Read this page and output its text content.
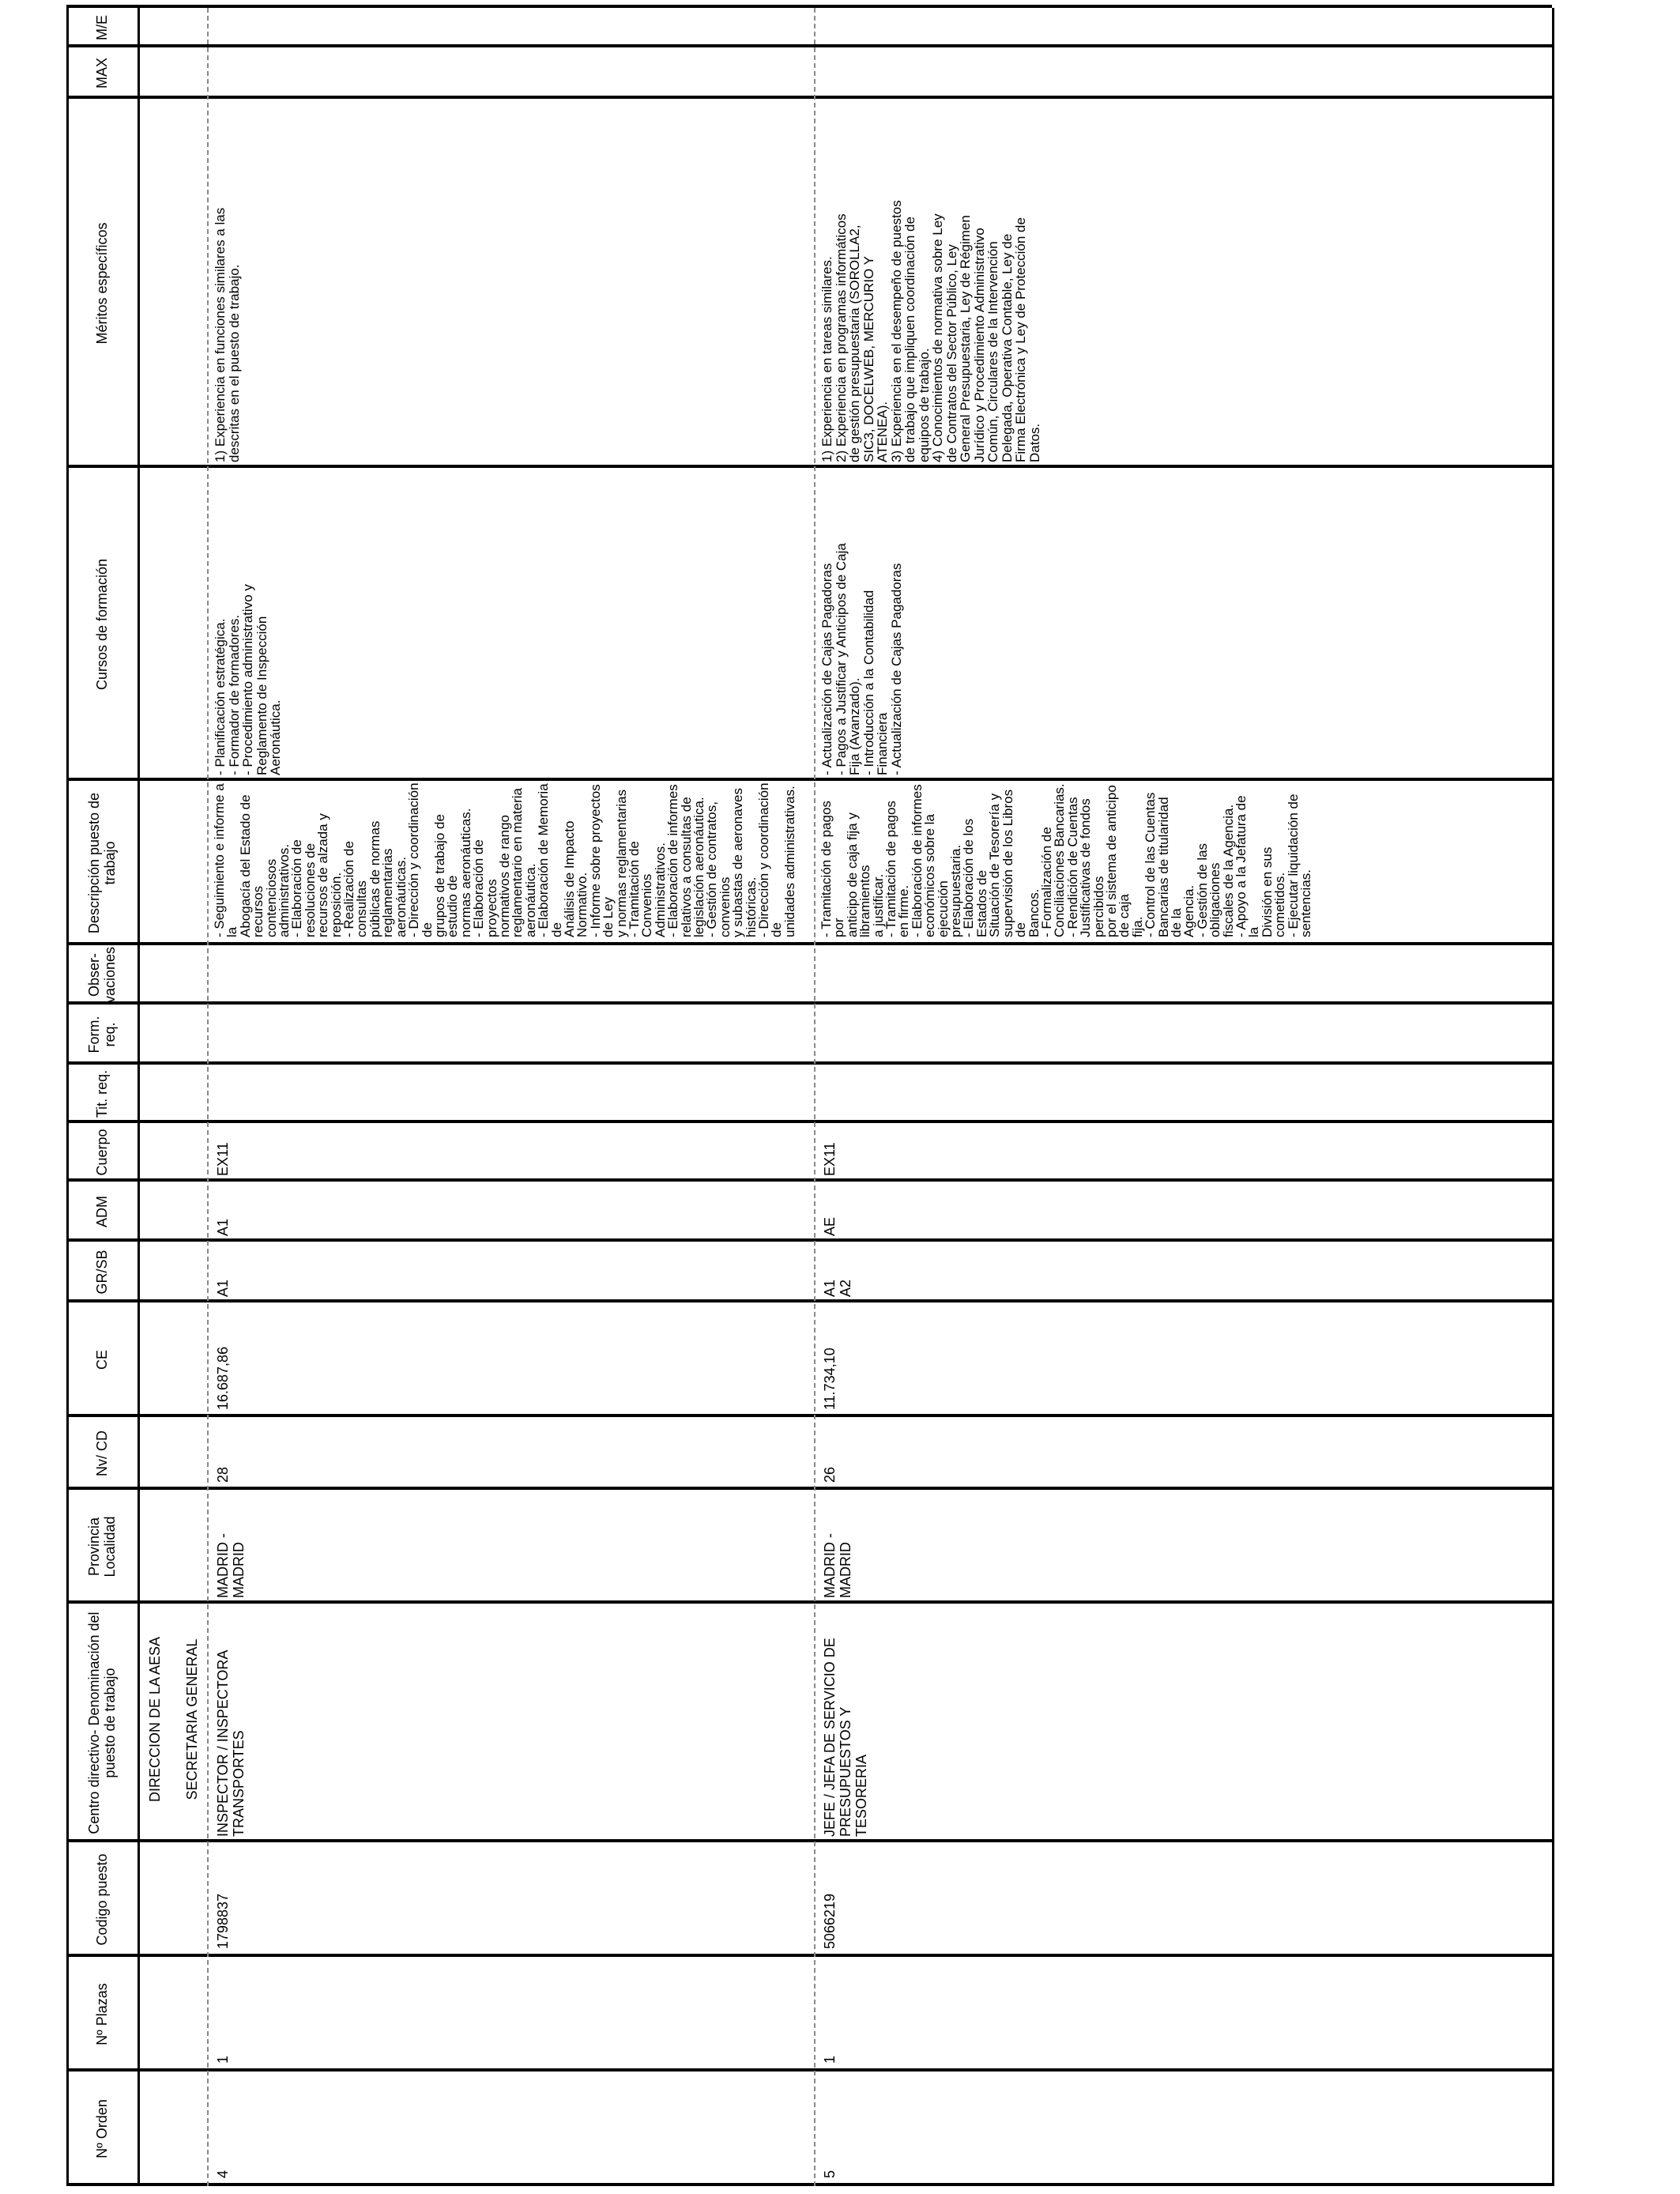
Nº Orden
Nº Plazas
Codigo puesto
Centro directivo- Denominación del puesto de trabajo
Provincia Localidad
Nv/ CD
CE
GR/SB
ADM
Cuerpo
Tit. req.
Form. req.
Obser- vaciones
Descripción puesto de trabajo
Cursos de formación
Méritos específicos
MAX
M/E
DIRECCION DE LA AESA SECRETARIA GENERAL
4
1
1798837
INSPECTOR / INSPECTORA
TRANSPORTES
MADRID -
MADRID
28
16.687,86
A1
A1
EX11
- Seguimiento e informe a la
Abogacía del Estado de recursos
contenciosos administrativos.
- Elaboración de resoluciones de
recursos de alzada y reposición.
- Realización de consultas
públicas de normas
reglamentarias aeronáuticas.
- Dirección y coordinación de
grupos de trabajo de estudio de
normas aeronáuticas.
- Elaboración de proyectos
normativos de rango
reglamentario en materia
aeronáutica.
- Elaboración de Memoria de
Análisis de Impacto Normativo.
- Informe sobre proyectos de Ley
y normas reglamentarias
- Tramitación de Convenios
Administrativos.
- Elaboración de informes
relativos a consultas de
legislación aeronáutica.
- Gestión de contratos, convenios
y subastas de aeronaves
históricas.
- Dirección y coordinación de
unidades administrativas.
- Planificación estratégica.
- Formador de formadores.
- Procedimiento administrativo y
Reglamento de Inspección
Aeronáutica.
1) Experiencia en funciones similares a las
descritas en el puesto de trabajo.
5
1
5066219
JEFE / JEFA DE SERVICIO DE
PRESUPUESTOS Y
TESORERIA
MADRID -
MADRID
26
11.734,10
A1
A2
AE
EX11
- Tramitación de pagos por
anticipo de caja fija y libramientos
a justificar.
- Tramitación de pagos en firme.
- Elaboración de informes
económicos sobre la ejecución
presupuestaria.
- Elaboración de los Estados de
Situación de Tesorería y
supervisión de los Libros de
Bancos.
- Formalización de
Conciliaciones Bancarias.
- Rendición de Cuentas
Justificativas de fondos percibidos
por el sistema de anticipo de caja
fija.
- Control de las Cuentas
Bancarias de titularidad de la
Agencia.
- Gestión de las obligaciones
fiscales de la Agencia.
- Apoyo a la Jefatura de la
División en sus cometidos.
- Ejecutar liquidación de
sentencias.
- Actualización de Cajas Pagadoras
- Pagos a Justificar y Anticipos de Caja
Fija (Avanzado).
- Introducción a la Contabilidad
Financiera
- Actualización de Cajas Pagadoras
1) Experiencia en tareas similares.
2) Experiencia en programas informáticos
de gestión presupuestaria (SOROLLA2,
SIC3, DOCELWEB, MERCURIO Y
ATENEA).
3) Experiencia en el desempeño de puestos
de trabajo que impliquen coordinación de
equipos de trabajo.
4) Conocimientos de normativa sobre Ley
de Contratos del Sector Público, Ley
General Presupuestaria, Ley de Régimen
Jurídico y Procedimiento Administrativo
Común, Circulares de la Intervención
Delegada, Operativa Contable, Ley de
Firma Electrónica y Ley de Protección de
Datos.
